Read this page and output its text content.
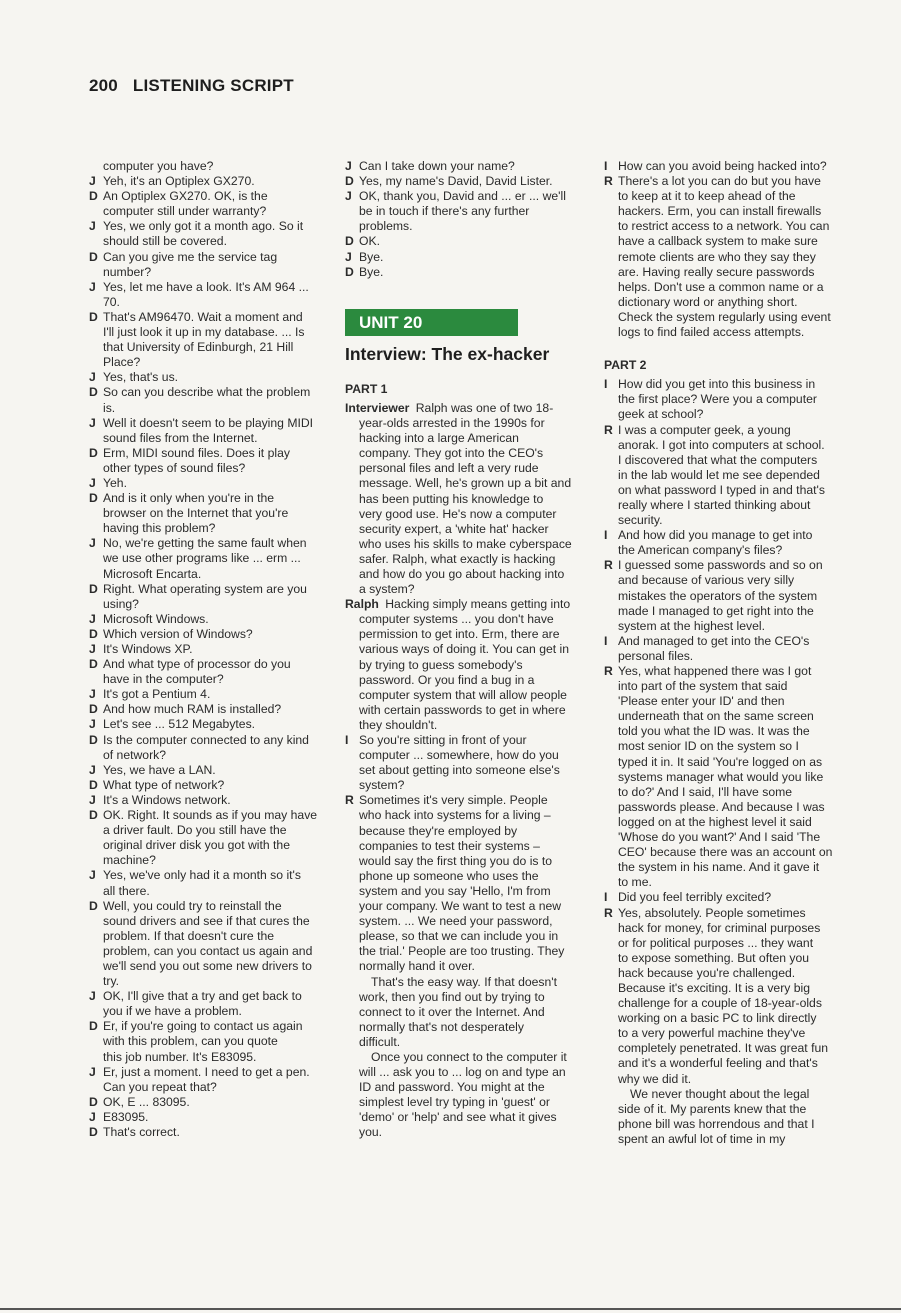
200 LISTENING SCRIPT
computer you have?
J Yeh, it's an Optiplex GX270.
D An Optiplex GX270. OK, is the
computer still under warranty?
J Yes, we only got it a month ago. So it
should still be covered.
D Can you give me the service tag
number?
J Yes, let me have a look. It's AM 964 ...
70.
D That's AM96470. Wait a moment and
I'll just look it up in my database. ... Is
that University of Edinburgh, 21 Hill
Place?
J Yes, that's us.
D So can you describe what the problem
is.
J Well it doesn't seem to be playing MIDI
sound files from the Internet.
D Erm, MIDI sound files. Does it play
other types of sound files?
J Yeh.
D And is it only when you're in the
browser on the Internet that you're
having this problem?
J No, we're getting the same fault when
we use other programs like ... erm ...
Microsoft Encarta.
D Right. What operating system are you
using?
J Microsoft Windows.
D Which version of Windows?
J It's Windows XP.
D And what type of processor do you
have in the computer?
J It's got a Pentium 4.
D And how much RAM is installed?
J Let's see ... 512 Megabytes.
D Is the computer connected to any kind
of network?
J Yes, we have a LAN.
D What type of network?
J It's a Windows network.
D OK. Right. It sounds as if you may have
a driver fault. Do you still have the
original driver disk you got with the
machine?
J Yes, we've only had it a month so it's
all there.
D Well, you could try to reinstall the
sound drivers and see if that cures the
problem. If that doesn't cure the
problem, can you contact us again and
we'll send you out some new drivers to
try.
J OK, I'll give that a try and get back to
you if we have a problem.
D Er, if you're going to contact us again
with this problem, can you quote
this job number. It's E83095.
J Er, just a moment. I need to get a pen.
Can you repeat that?
D OK, E ... 83095.
J E83095.
D That's correct.
J Can I take down your name?
D Yes, my name's David, David Lister.
J OK, thank you, David and ... er ... we'll
be in touch if there's any further
problems.
D OK.
J Bye.
D Bye.
UNIT 20
Interview: The ex-hacker
PART 1
Interviewer Ralph was one of two 18-
year-olds arrested in the 1990s for
hacking into a large American
company. They got into the CEO's
personal files and left a very rude
message. Well, he's grown up a bit and
has been putting his knowledge to
very good use. He's now a computer
security expert, a 'white hat' hacker
who uses his skills to make cyberspace
safer. Ralph, what exactly is hacking
and how do you go about hacking into
a system?
Ralph Hacking simply means getting into
computer systems ... you don't have
permission to get into. Erm, there are
various ways of doing it. You can get in
by trying to guess somebody's
password. Or you find a bug in a
computer system that will allow people
with certain passwords to get in where
they shouldn't.
I So you're sitting in front of your
computer ... somewhere, how do you
set about getting into someone else's
system?
R Sometimes it's very simple. People
who hack into systems for a living –
because they're employed by
companies to test their systems –
would say the first thing you do is to
phone up someone who uses the
system and you say 'Hello, I'm from
your company. We want to test a new
system. ... We need your password,
please, so that we can include you in
the trial.' People are too trusting. They
normally hand it over.
That's the easy way. If that doesn't
work, then you find out by trying to
connect to it over the Internet. And
normally that's not desperately
difficult.
Once you connect to the computer it
will ... ask you to ... log on and type an
ID and password. You might at the
simplest level try typing in 'guest' or
'demo' or 'help' and see what it gives
you.
I How can you avoid being hacked into?
R There's a lot you can do but you have
to keep at it to keep ahead of the
hackers. Erm, you can install firewalls
to restrict access to a network. You can
have a callback system to make sure
remote clients are who they say they
are. Having really secure passwords
helps. Don't use a common name or a
dictionary word or anything short.
Check the system regularly using event
logs to find failed access attempts.
PART 2
I How did you get into this business in
the first place? Were you a computer
geek at school?
R I was a computer geek, a young
anorak. I got into computers at school.
I discovered that what the computers
in the lab would let me see depended
on what password I typed in and that's
really where I started thinking about
security.
I And how did you manage to get into
the American company's files?
R I guessed some passwords and so on
and because of various very silly
mistakes the operators of the system
made I managed to get right into the
system at the highest level.
I And managed to get into the CEO's
personal files.
R Yes, what happened there was I got
into part of the system that said
'Please enter your ID' and then
underneath that on the same screen
told you what the ID was. It was the
most senior ID on the system so I
typed it in. It said 'You're logged on as
systems manager what would you like
to do?' And I said, I'll have some
passwords please. And because I was
logged on at the highest level it said
'Whose do you want?' And I said 'The
CEO' because there was an account on
the system in his name. And it gave it
to me.
I Did you feel terribly excited?
R Yes, absolutely. People sometimes
hack for money, for criminal purposes
or for political purposes ... they want
to expose something. But often you
hack because you're challenged.
Because it's exciting. It is a very big
challenge for a couple of 18-year-olds
working on a basic PC to link directly
to a very powerful machine they've
completely penetrated. It was great fun
and it's a wonderful feeling and that's
why we did it.
We never thought about the legal
side of it. My parents knew that the
phone bill was horrendous and that I
spent an awful lot of time in my
